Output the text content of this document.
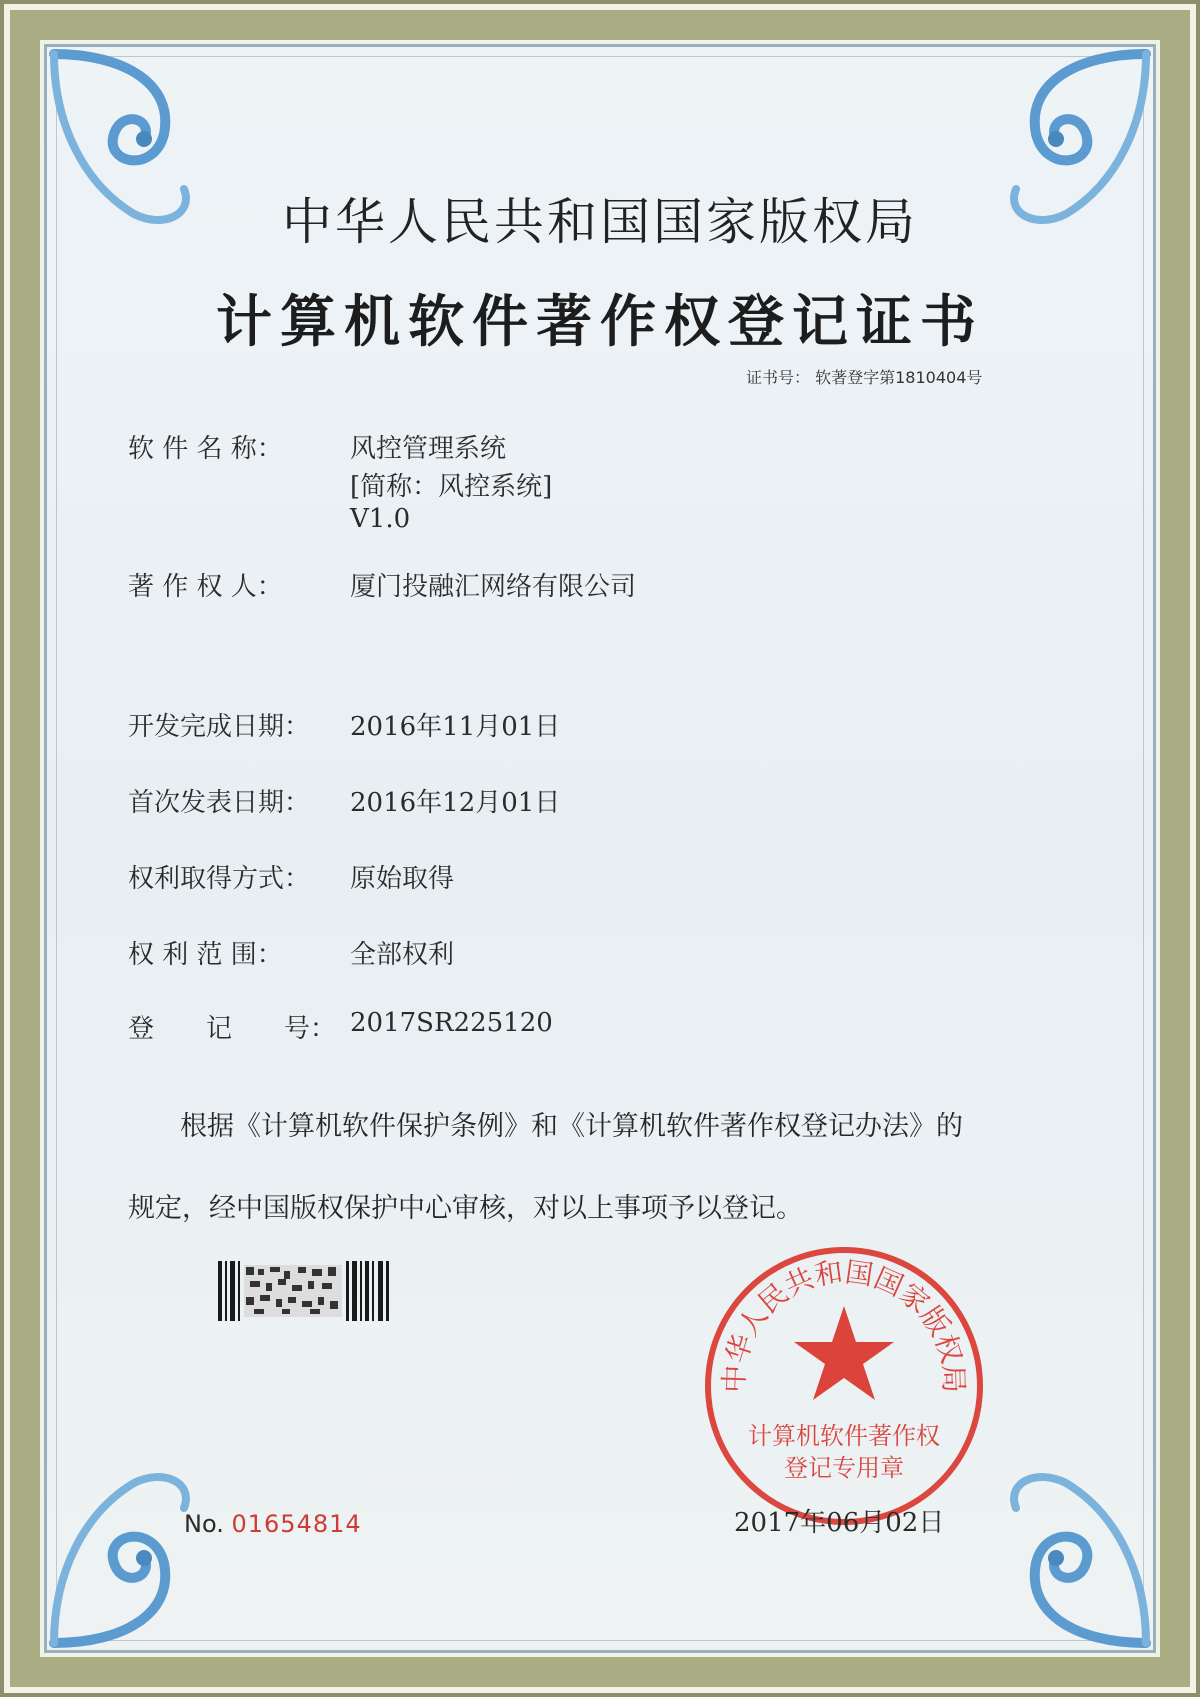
中华人民共和国国家版权局
计算机软件著作权登记证书
证书号： 软著登字第1810404号
软 件 名 称：	风控管理系统
[简称：风控系统]
V1.0
著 作 权 人：	厦门投融汇网络有限公司
开发完成日期： 2016年11月01日
首次发表日期： 2016年12月01日
权利取得方式： 原始取得
权 利 范 围：	全部权利
登　　记　　号： 2017SR225120
根据《计算机软件保护条例》和《计算机软件著作权登记办法》的
规定，经中国版权保护中心审核，对以上事项予以登记。
中华人民共和国国家版权局
计算机软件著作权
登记专用章
No. 01654814	2017年06月02日
